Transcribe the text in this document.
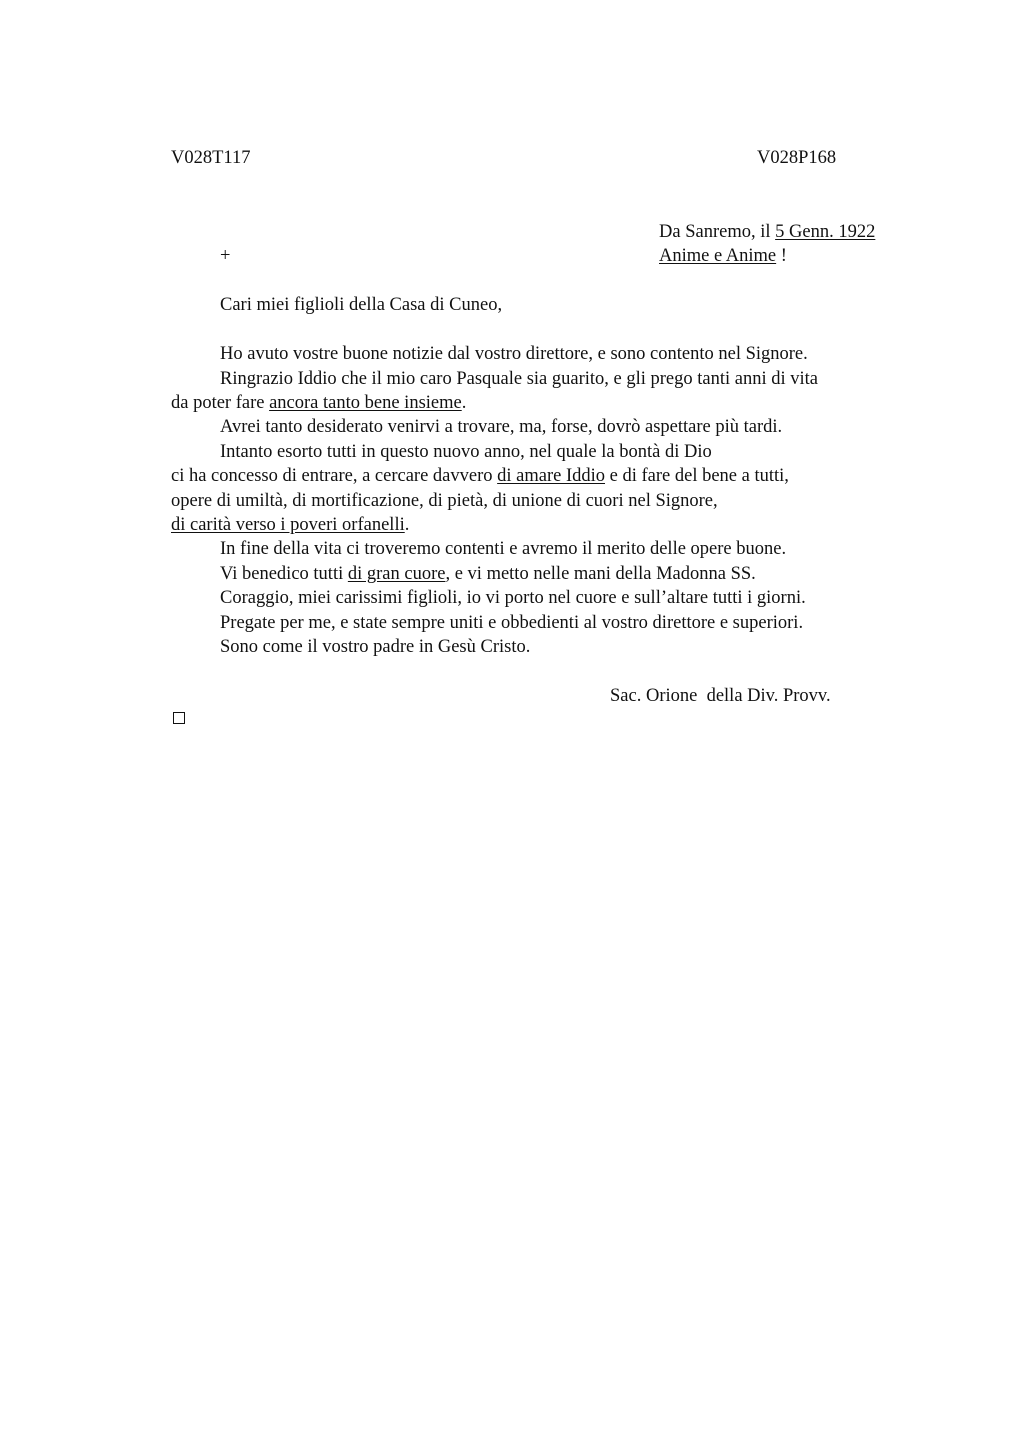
V028T117	V028P168
Da Sanremo, il 5 Genn. 1922
Anime e Anime !
+
Cari miei figlioli della Casa di Cuneo,
Ho avuto vostre buone notizie dal vostro direttore, e sono contento nel Signore.
Ringrazio Iddio che il mio caro Pasquale sia guarito, e gli prego tanti anni di vita
da poter fare ancora tanto bene insieme.
Avrei tanto desiderato venirvi a trovare, ma, forse, dovrò aspettare più tardi.
Intanto esorto tutti in questo nuovo anno, nel quale la bontà di Dio
ci ha concesso di entrare, a cercare davvero di amare Iddio e di fare del bene a tutti,
opere di umiltà, di mortificazione, di pietà, di unione di cuori nel Signore,
di carità verso i poveri orfanelli.
In fine della vita ci troveremo contenti e avremo il merito delle opere buone.
Vi benedico tutti di gran cuore, e vi metto nelle mani della Madonna SS.
Coraggio, miei carissimi figlioli, io vi porto nel cuore e sull’altare tutti i giorni.
Pregate per me, e state sempre uniti e obbedienti al vostro direttore e superiori.
Sono come il vostro padre in Gesù Cristo.
Sac. Orione  della Div. Provv.
